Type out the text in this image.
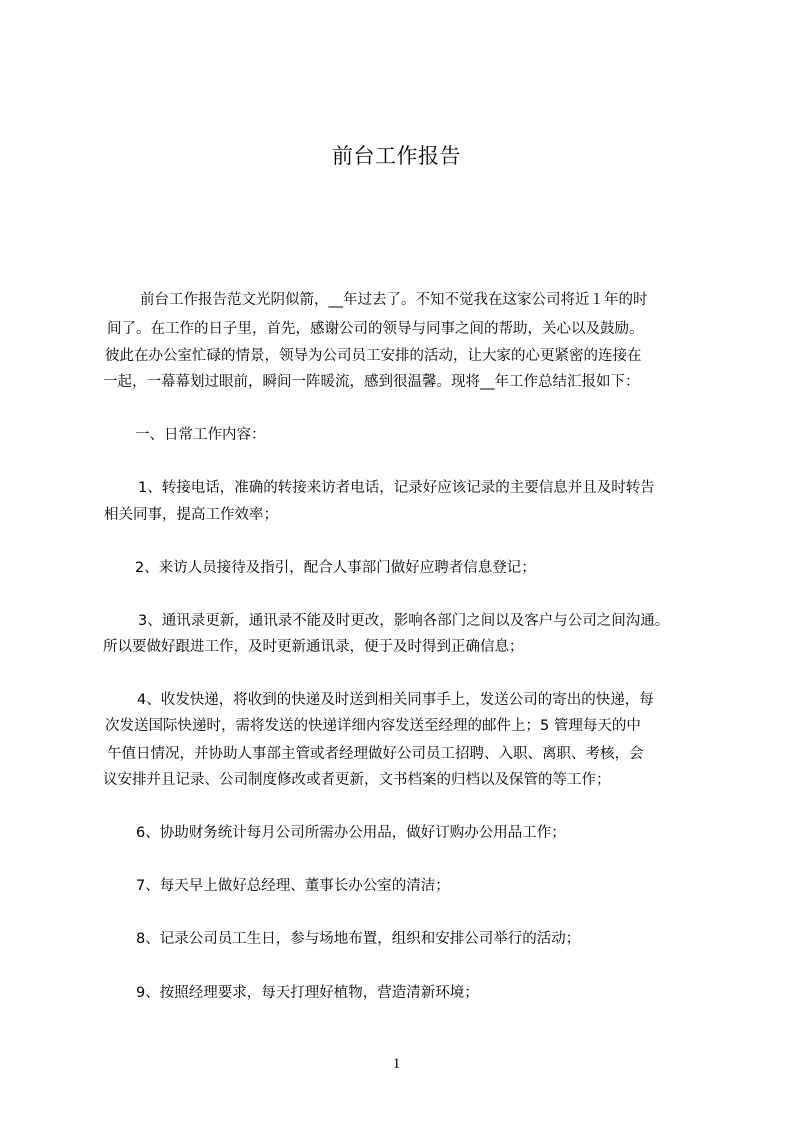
前台工作报告
前台工作报告范文光阴似箭，__年过去了。不知不觉我在这家公司将近１年的时
间了。在工作的日子里，首先，感谢公司的领导与同事之间的帮助，关心以及鼓励。
彼此在办公室忙碌的情景，领导为公司员工安排的活动，让大家的心更紧密的连接在
一起，一幕幕划过眼前，瞬间一阵暖流，感到很温馨。现将__年工作总结汇报如下：
一、日常工作内容：
1、转接电话，准确的转接来访者电话，记录好应该记录的主要信息并且及时转告
相关同事，提高工作效率；
2、来访人员接待及指引，配合人事部门做好应聘者信息登记；
3、通讯录更新，通讯录不能及时更改，影响各部门之间以及客户与公司之间沟通。
所以要做好跟进工作，及时更新通讯录，便于及时得到正确信息；
4、收发快递，将收到的快递及时送到相关同事手上，发送公司的寄出的快递，每
次发送国际快递时，需将发送的快递详细内容发送至经理的邮件上；5 管理每天的中
午值日情况，并协助人事部主管或者经理做好公司员工招聘、入职、离职、考核，会
议安排并且记录、公司制度修改或者更新，文书档案的归档以及保管的等工作；
6、协助财务统计每月公司所需办公用品，做好订购办公用品工作；
7、每天早上做好总经理、董事长办公室的清洁；
8、记录公司员工生日，参与场地布置，组织和安排公司举行的活动；
9、按照经理要求，每天打理好植物，营造清新环境；
1
